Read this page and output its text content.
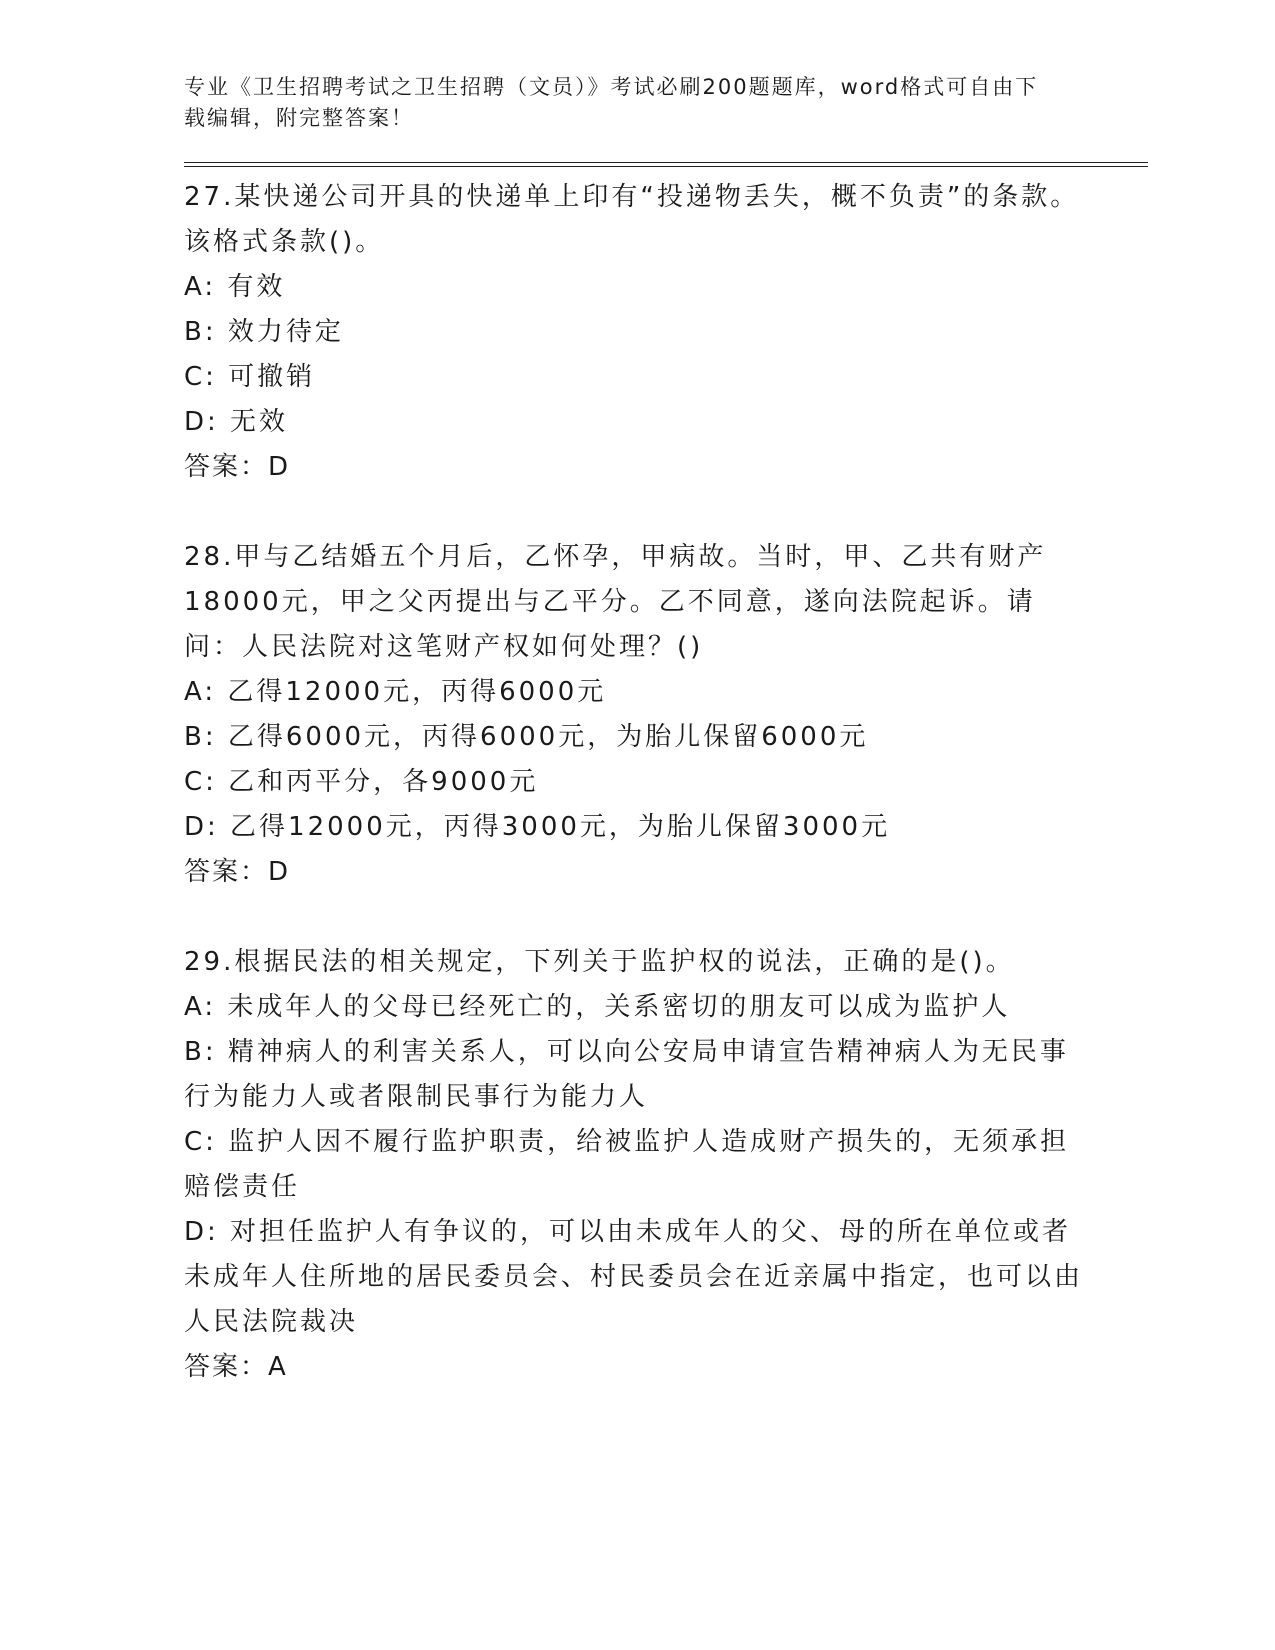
专业《卫生招聘考试之卫生招聘（文员）》考试必刷200题题库，word格式可自由下载编辑，附完整答案！

27.某快递公司开具的快递单上印有“投递物丢失，概不负责”的条款。该格式条款()。

A: 有效

B: 效力待定

C: 可撤销

D: 无效

答案：D

28.甲与乙结婚五个月后，乙怀孕，甲病故。当时，甲、乙共有财产18000元，甲之父丙提出与乙平分。乙不同意，遂向法院起诉。请问：人民法院对这笔财产权如何处理？()

A: 乙得12000元，丙得6000元

B: 乙得6000元，丙得6000元，为胎儿保留6000元

C: 乙和丙平分，各9000元

D: 乙得12000元，丙得3000元，为胎儿保留3000元

答案：D

29.根据民法的相关规定，下列关于监护权的说法，正确的是()。

A: 未成年人的父母已经死亡的，关系密切的朋友可以成为监护人

B: 精神病人的利害关系人，可以向公安局申请宣告精神病人为无民事行为能力人或者限制民事行为能力人

C: 监护人因不履行监护职责，给被监护人造成财产损失的，无须承担赔偿责任

D: 对担任监护人有争议的，可以由未成年人的父、母的所在单位或者未成年人住所地的居民委员会、村民委员会在近亲属中指定，也可以由人民法院裁决

答案：A
